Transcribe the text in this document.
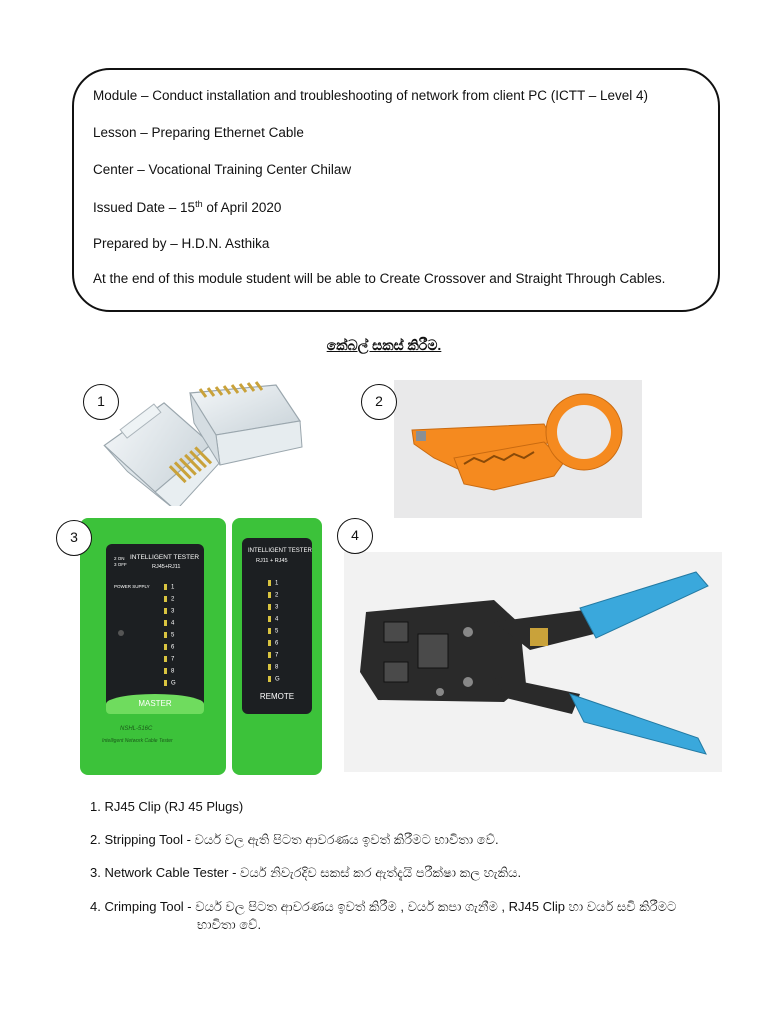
Module – Conduct installation and troubleshooting of network from client PC (ICTT – Level 4)
Lesson – Preparing Ethernet Cable
Center – Vocational Training Center Chilaw
Issued Date – 15th of April 2020
Prepared by – H.D.N. Asthika
At the end of this module student will be able to Create Crossover and Straight Through Cables.
කේබල් සකස් කිරීම.
1	2
INTELLIGENT TESTER
RJ45+RJ11
2 ON
3 OFF
POWER SUPPLY	1
2
3
4
5
6
7
8
G
MASTER
NSHL-516C
Intelligent Network Cable Tester
INTELLIGENT TESTER
RJ11 + RJ45
1
2
3
4
5
6
7
8
G
REMOTE
3	4
1. RJ45 Clip (RJ 45 Plugs)
2. Stripping Tool - වයර් වල ඇති පිටත ආවරණය ඉවත් කිරීමට භාවිතා වේ.
3. Network Cable Tester - වයර් නිවැරදිව සකස් කර ඇත්දැයි පරීක්ෂා කල හැකිය.
4. Crimping Tool - වයර් වල පිටත ආවරණය ඉවත් කිරීම , වයර් කපා ගැනීම , RJ45 Clip හා වයර් සවි කිරීමට
භාවිතා වේ.
